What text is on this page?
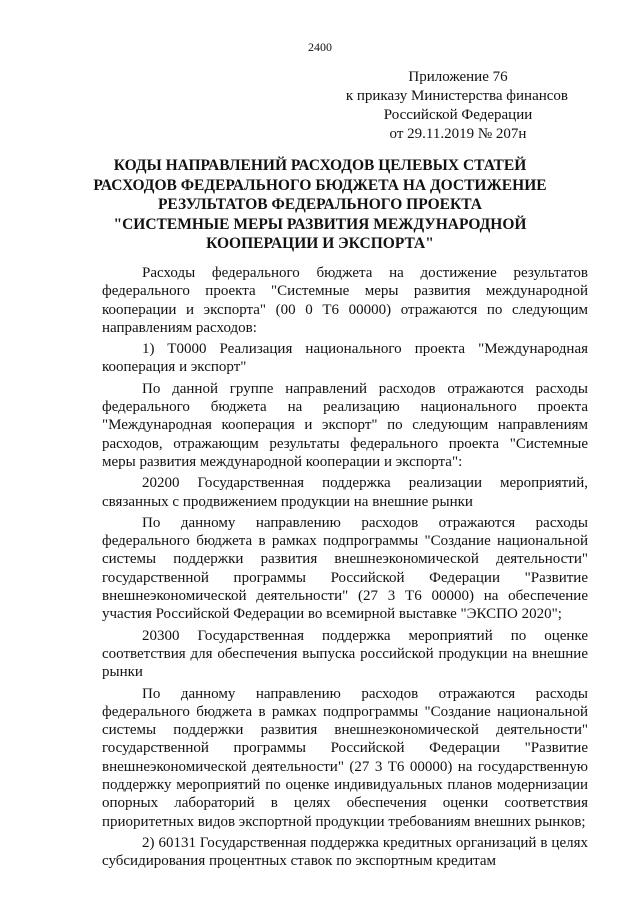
2400
Приложение 76
к приказу Министерства финансов
Российской Федерации
от 29.11.2019 № 207н
КОДЫ НАПРАВЛЕНИЙ РАСХОДОВ ЦЕЛЕВЫХ СТАТЕЙ
РАСХОДОВ ФЕДЕРАЛЬНОГО БЮДЖЕТА НА ДОСТИЖЕНИЕ
РЕЗУЛЬТАТОВ ФЕДЕРАЛЬНОГО ПРОЕКТА
"СИСТЕМНЫЕ МЕРЫ РАЗВИТИЯ МЕЖДУНАРОДНОЙ
КООПЕРАЦИИ И ЭКСПОРТА"

Расходы федерального бюджета на достижение результатов федерального проекта "Системные меры развития международной кооперации и экспорта" (00 0 T6 00000) отражаются по следующим направлениям расходов:

1) T0000 Реализация национального проекта "Международная кооперация и экспорт"

По данной группе направлений расходов отражаются расходы федерального бюджета на реализацию национального проекта "Международная кооперация и экспорт" по следующим направлениям расходов, отражающим результаты федерального проекта "Системные меры развития международной кооперации и экспорта":

20200 Государственная поддержка реализации мероприятий, связанных с продвижением продукции на внешние рынки

По данному направлению расходов отражаются расходы федерального бюджета в рамках подпрограммы "Создание национальной системы поддержки развития внешнеэкономической деятельности" государственной программы Российской Федерации "Развитие внешнеэкономической деятельности" (27 3 T6 00000) на обеспечение участия Российской Федерации во всемирной выставке "ЭКСПО 2020";

20300 Государственная поддержка мероприятий по оценке соответствия для обеспечения выпуска российской продукции на внешние рынки

По данному направлению расходов отражаются расходы федерального бюджета в рамках подпрограммы "Создание национальной системы поддержки развития внешнеэкономической деятельности" государственной программы Российской Федерации "Развитие внешнеэкономической деятельности" (27 3 T6 00000) на государственную поддержку мероприятий по оценке индивидуальных планов модернизации опорных лабораторий в целях обеспечения оценки соответствия приоритетных видов экспортной продукции требованиям внешних рынков;

2) 60131 Государственная поддержка кредитных организаций в целях субсидирования процентных ставок по экспортным кредитам
